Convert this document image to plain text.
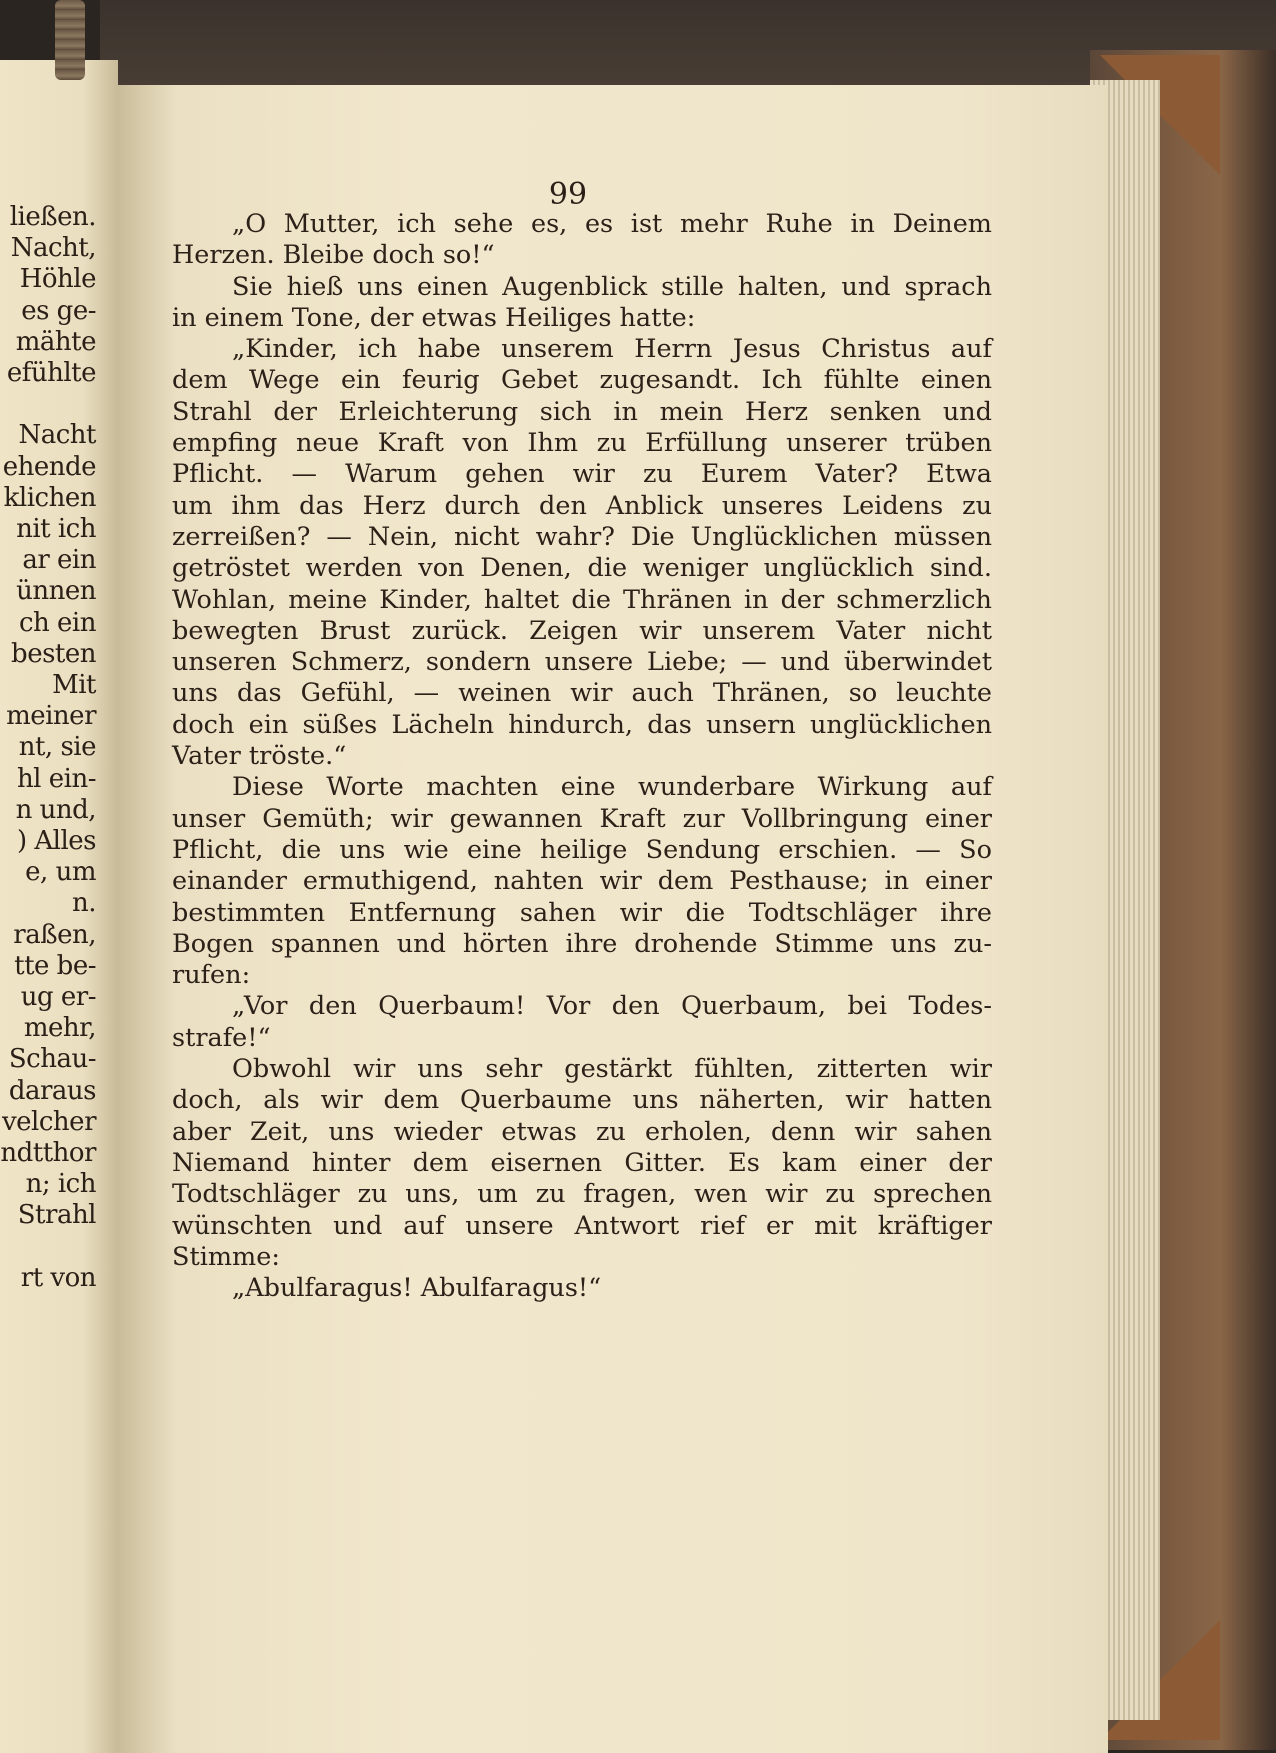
ließen.
Nacht,
Höhle
es ge-
mähte
efühlte
Nacht
ehende
klichen
nit ich
ar ein
ünnen
ch ein
besten
Mit
meiner
nt, sie
hl ein-
n und,
) Alles
e, um
n.
raßen,
tte be-
ug er-
mehr,
Schau-
daraus
velcher
ndtthor
n; ich
Strahl
rt von
99
„O Mutter, ich sehe es, es ist mehr Ruhe in Deinem
Herzen. Bleibe doch so!“
Sie hieß uns einen Augenblick stille halten, und sprach
in einem Tone, der etwas Heiliges hatte:
„Kinder, ich habe unserem Herrn Jesus Christus auf
dem Wege ein feurig Gebet zugesandt. Ich fühlte einen
Strahl der Erleichterung sich in mein Herz senken und
empfing neue Kraft von Ihm zu Erfüllung unserer trüben
Pflicht. — Warum gehen wir zu Eurem Vater? Etwa
um ihm das Herz durch den Anblick unseres Leidens zu
zerreißen? — Nein, nicht wahr? Die Unglücklichen müssen
getröstet werden von Denen, die weniger unglücklich sind.
Wohlan, meine Kinder, haltet die Thränen in der schmerzlich
bewegten Brust zurück. Zeigen wir unserem Vater nicht
unseren Schmerz, sondern unsere Liebe; — und überwindet
uns das Gefühl, — weinen wir auch Thränen, so leuchte
doch ein süßes Lächeln hindurch, das unsern unglücklichen
Vater tröste.“
Diese Worte machten eine wunderbare Wirkung auf
unser Gemüth; wir gewannen Kraft zur Vollbringung einer
Pflicht, die uns wie eine heilige Sendung erschien. — So
einander ermuthigend, nahten wir dem Pesthause; in einer
bestimmten Entfernung sahen wir die Todtschläger ihre
Bogen spannen und hörten ihre drohende Stimme uns zu-
rufen:
„Vor den Querbaum! Vor den Querbaum, bei Todes-
strafe!“
Obwohl wir uns sehr gestärkt fühlten, zitterten wir
doch, als wir dem Querbaume uns näherten, wir hatten
aber Zeit, uns wieder etwas zu erholen, denn wir sahen
Niemand hinter dem eisernen Gitter. Es kam einer der
Todtschläger zu uns, um zu fragen, wen wir zu sprechen
wünschten und auf unsere Antwort rief er mit kräftiger
Stimme:
„Abulfaragus! Abulfaragus!“
